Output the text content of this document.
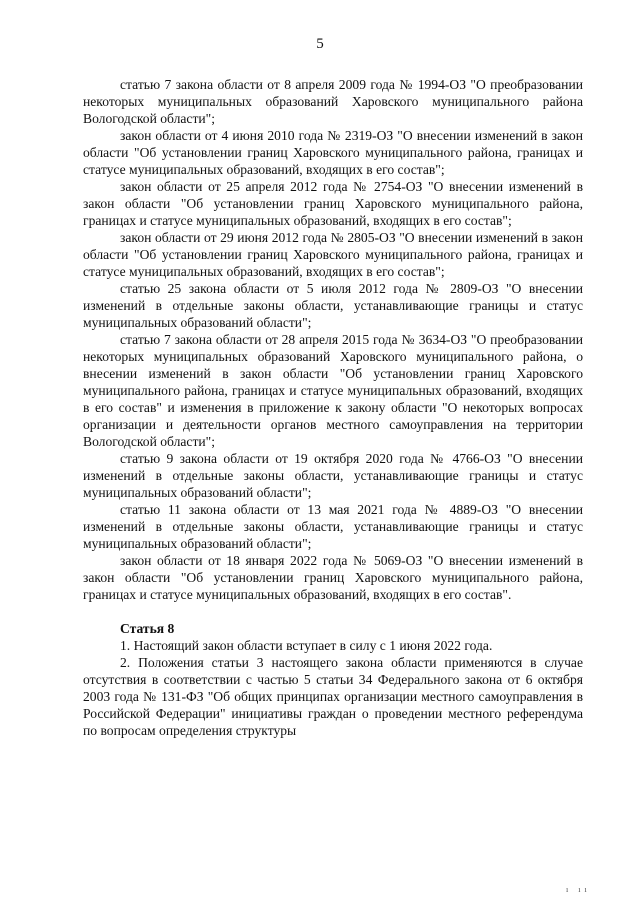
5

статью 7 закона области от 8 апреля 2009 года № 1994-ОЗ "О преобразовании некоторых муниципальных образований Харовского муниципального района Вологодской области";

закон области от 4 июня 2010 года № 2319-ОЗ "О внесении изменений в закон области "Об установлении границ Харовского муниципального района, границах и статусе муниципальных образований, входящих в его состав";

закон области от 25 апреля 2012 года № 2754-ОЗ "О внесении изменений в закон области "Об установлении границ Харовского муниципального района, границах и статусе муниципальных образований, входящих в его состав";

закон области от 29 июня 2012 года № 2805-ОЗ "О внесении изменений в закон области "Об установлении границ Харовского муниципального района, границах и статусе муниципальных образований, входящих в его состав";

статью 25 закона области от 5 июля 2012 года № 2809-ОЗ "О внесении изменений в отдельные законы области, устанавливающие границы и статус муниципальных образований области";

статью 7 закона области от 28 апреля 2015 года № 3634-ОЗ "О преобразовании некоторых муниципальных образований Харовского муниципального района, о внесении изменений в закон области "Об установлении границ Харовского муниципального района, границах и статусе муниципальных образований, входящих в его состав" и изменения в приложение к закону области "О некоторых вопросах организации и деятельности органов местного самоуправления на территории Вологодской области";

статью 9 закона области от 19 октября 2020 года № 4766-ОЗ "О внесении изменений в отдельные законы области, устанавливающие границы и статус муниципальных образований области";

статью 11 закона области от 13 мая 2021 года № 4889-ОЗ "О внесении изменений в отдельные законы области, устанавливающие границы и статус муниципальных образований области";

закон области от 18 января 2022 года № 5069-ОЗ "О внесении изменений в закон области "Об установлении границ Харовского муниципального района, границах и статусе муниципальных образований, входящих в его состав".

Статья 8

1. Настоящий закон области вступает в силу с 1 июня 2022 года.

2. Положения статьи 3 настоящего закона области применяются в случае отсутствия в соответствии с частью 5 статьи 34 Федерального закона от 6 октября 2003 года № 131-ФЗ "Об общих принципах организации местного самоуправления в Российской Федерации" инициативы граждан о проведении местного референдума по вопросам определения структуры

ı ıı
